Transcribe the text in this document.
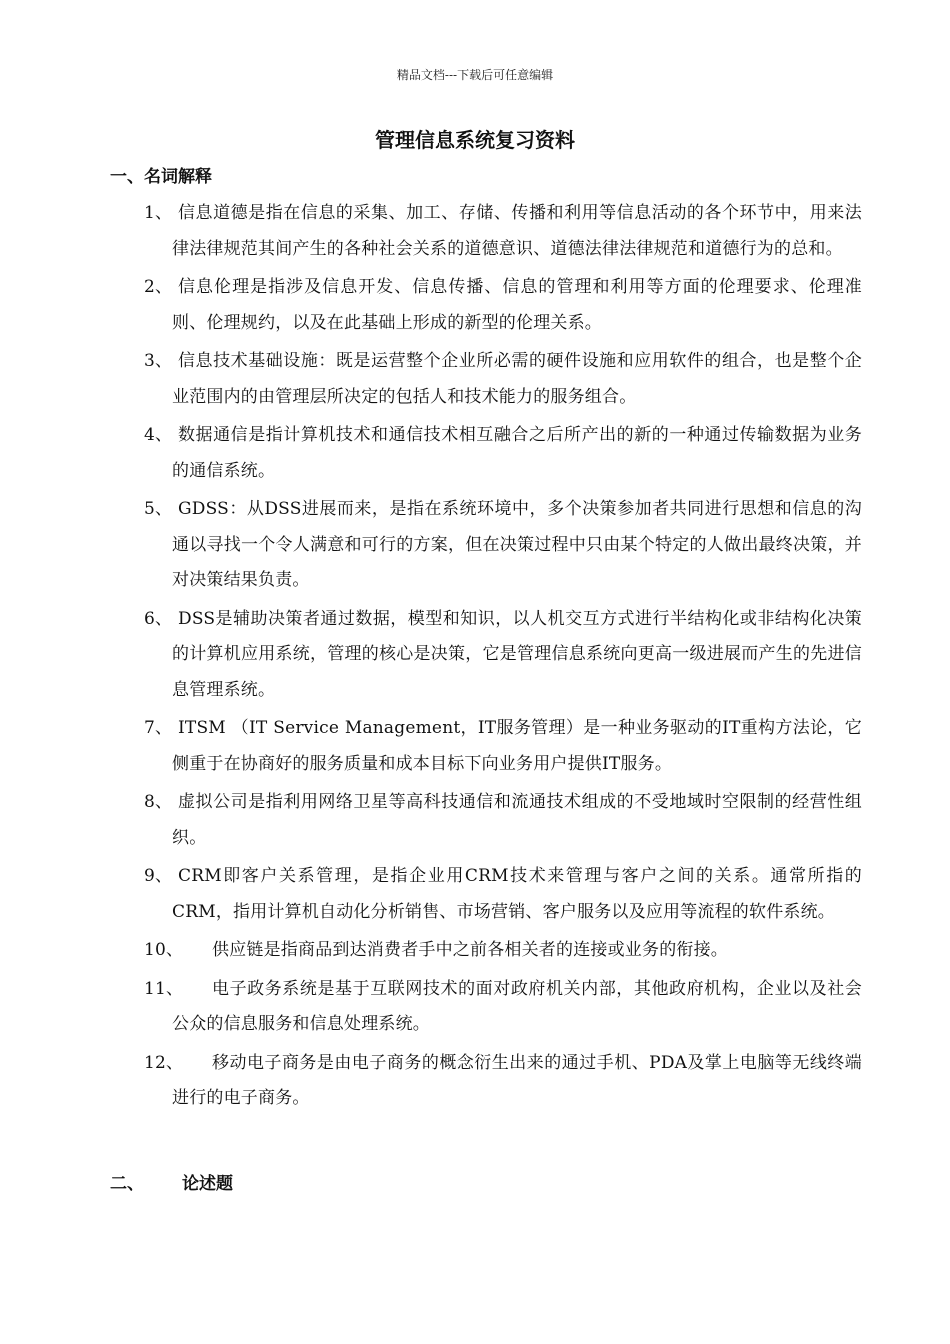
精品文档---下载后可任意编辑
管理信息系统复习资料
一、名词解释
1、 信息道德是指在信息的采集、加工、存储、传播和利用等信息活动的各个环节中，用来法律法律规范其间产生的各种社会关系的道德意识、道德法律法律规范和道德行为的总和。
2、 信息伦理是指涉及信息开发、信息传播、信息的管理和利用等方面的伦理要求、伦理准则、伦理规约，以及在此基础上形成的新型的伦理关系。
3、 信息技术基础设施：既是运营整个企业所必需的硬件设施和应用软件的组合，也是整个企业范围内的由管理层所决定的包括人和技术能力的服务组合。
4、 数据通信是指计算机技术和通信技术相互融合之后所产出的新的一种通过传输数据为业务的通信系统。
5、 GDSS：从DSS进展而来，是指在系统环境中，多个决策参加者共同进行思想和信息的沟通以寻找一个令人满意和可行的方案，但在决策过程中只由某个特定的人做出最终决策，并对决策结果负责。
6、 DSS是辅助决策者通过数据，模型和知识，以人机交互方式进行半结构化或非结构化决策的计算机应用系统，管理的核心是决策，它是管理信息系统向更高一级进展而产生的先进信息管理系统。
7、 ITSM （IT Service Management，IT服务管理）是一种业务驱动的IT重构方法论，它侧重于在协商好的服务质量和成本目标下向业务用户提供IT服务。
8、 虚拟公司是指利用网络卫星等高科技通信和流通技术组成的不受地域时空限制的经营性组织。
9、 CRM即客户关系管理，是指企业用CRM技术来管理与客户之间的关系。通常所指的CRM，指用计算机自动化分析销售、市场营销、客户服务以及应用等流程的软件系统。
10、	供应链是指商品到达消费者手中之前各相关者的连接或业务的衔接。
11、	电子政务系统是基于互联网技术的面对政府机关内部，其他政府机构，企业以及社会公众的信息服务和信息处理系统。
12、	移动电子商务是由电子商务的概念衍生出来的通过手机、PDA及掌上电脑等无线终端进行的电子商务。
二、 论述题
